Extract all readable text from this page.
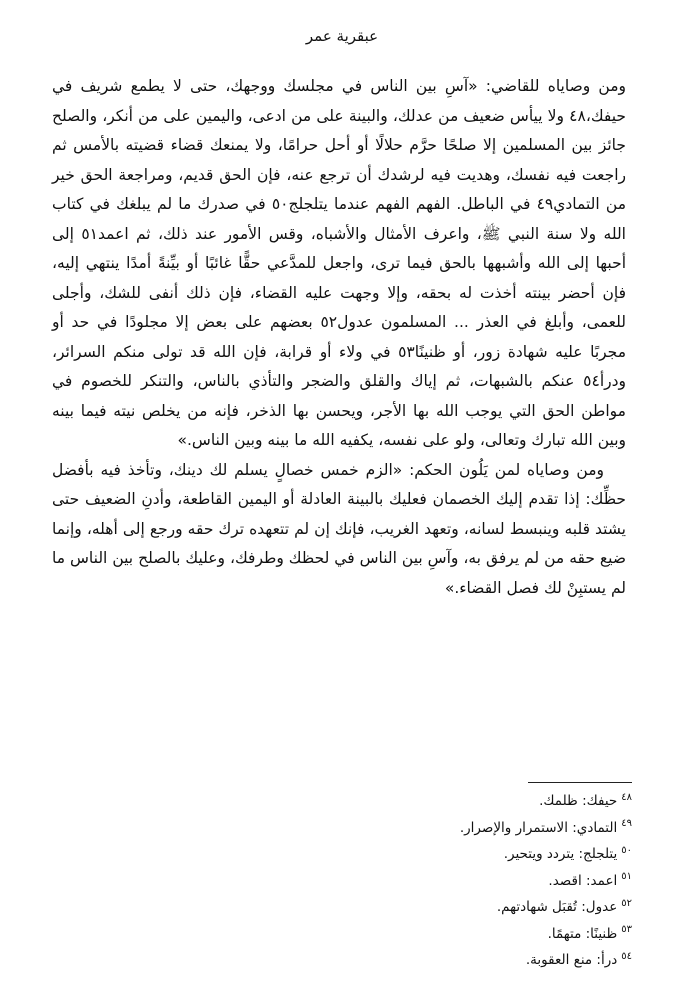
عبقرية عمر

ومن وصاياه للقاضي: «آسِ بين الناس في مجلسك ووجهك، حتى لا يطمع شريف في حيفك،٤٨ ولا ييأس ضعيف من عدلك، والبينة على من ادعى، واليمين على من أنكر، والصلح جائز بين المسلمين إلا صلحًا حرَّم حلالًا أو أحل حرامًا، ولا يمنعك قضاء قضيته بالأمس ثم راجعت فيه نفسك، وهديت فيه لرشدك أن ترجع عنه، فإن الحق قديم، ومراجعة الحق خير من التمادي٤٩ في الباطل. الفهم الفهم عندما يتلجلج٥٠ في صدرك ما لم يبلغك في كتاب الله ولا سنة النبي ﷺ، واعرف الأمثال والأشباه، وقس الأمور عند ذلك، ثم اعمد٥١ إلى أحبها إلى الله وأشبهها بالحق فيما ترى، واجعل للمدَّعي حقًّا غائبًا أو بيِّنةً أمدًا ينتهي إليه، فإن أحضر بينته أخذت له بحقه، وإلا وجهت عليه القضاء، فإن ذلك أنفى للشك، وأجلى للعمى، وأبلغ في العذر ... المسلمون عدول٥٢ بعضهم على بعض إلا مجلودًا في حد أو مجربًا عليه شهادة زور، أو ظنينًا٥٣ في ولاء أو قرابة، فإن الله قد تولى منكم السرائر، ودرأ٥٤ عنكم بالشبهات، ثم إياك والقلق والضجر والتأذي بالناس، والتنكر للخصوم في مواطن الحق التي يوجب الله بها الأجر، ويحسن بها الذخر، فإنه من يخلص نيته فيما بينه وبين الله تبارك وتعالى، ولو على نفسه، يكفيه الله ما بينه وبين الناس.»

ومن وصاياه لمن يَلُون الحكم: «الزم خمس خصالٍ يسلم لك دينك، وتأخذ فيه بأفضل حظِّك: إذا تقدم إليك الخصمان فعليك بالبينة العادلة أو اليمين القاطعة، وأدنِ الضعيف حتى يشتد قلبه وينبسط لسانه، وتعهد الغريب، فإنك إن لم تتعهده ترك حقه ورجع إلى أهله، وإنما ضيع حقه من لم يرفق به، وآسِ بين الناس في لحظك وطرفك، وعليك بالصلح بين الناس ما لم يستبِنْ لك فصل القضاء.»

$^{٤٨}$حيفك: ظلمك.
$^{٤٩}$التمادي: الاستمرار والإصرار.
$^{٥٠}$يتلجلج: يتردد ويتحير.
$^{٥١}$اعمد: اقصد.
$^{٥٢}$عدول: تُقبَل شهادتهم.
$^{٥٣}$ظنينًا: متهمًا.
$^{٥٤}$درأ: منع العقوبة.
